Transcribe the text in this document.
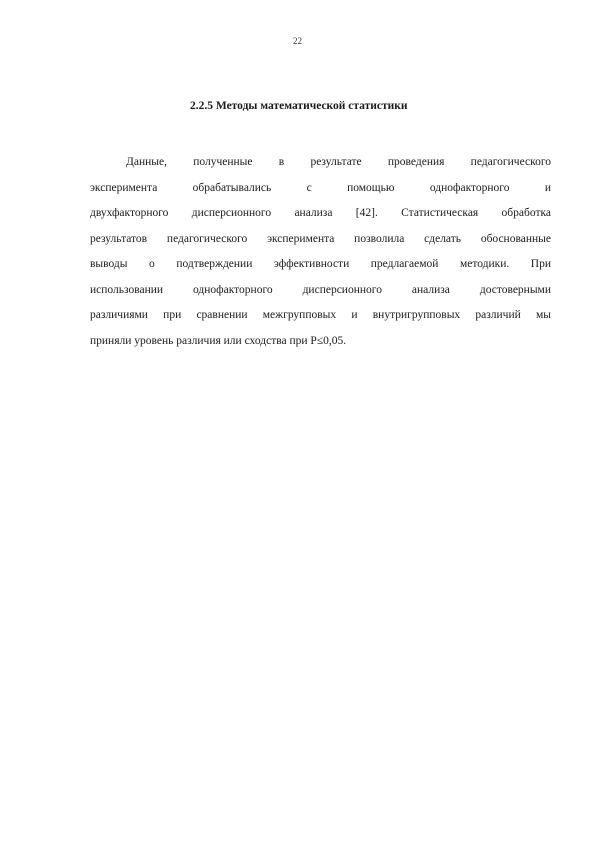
22
2.2.5 Методы математической статистики
Данные, полученные в результате проведения педагогического
эксперимента обрабатывались с помощью однофакторного и
двухфакторного дисперсионного анализа [42]. Статистическая обработка
результатов педагогического эксперимента позволила сделать обоснованные
выводы о подтверждении эффективности предлагаемой методики. При
использовании однофакторного дисперсионного анализа достоверными
различиями при сравнении межгрупповых и внутригрупповых различий мы
приняли уровень различия или сходства при P≤0,05.
